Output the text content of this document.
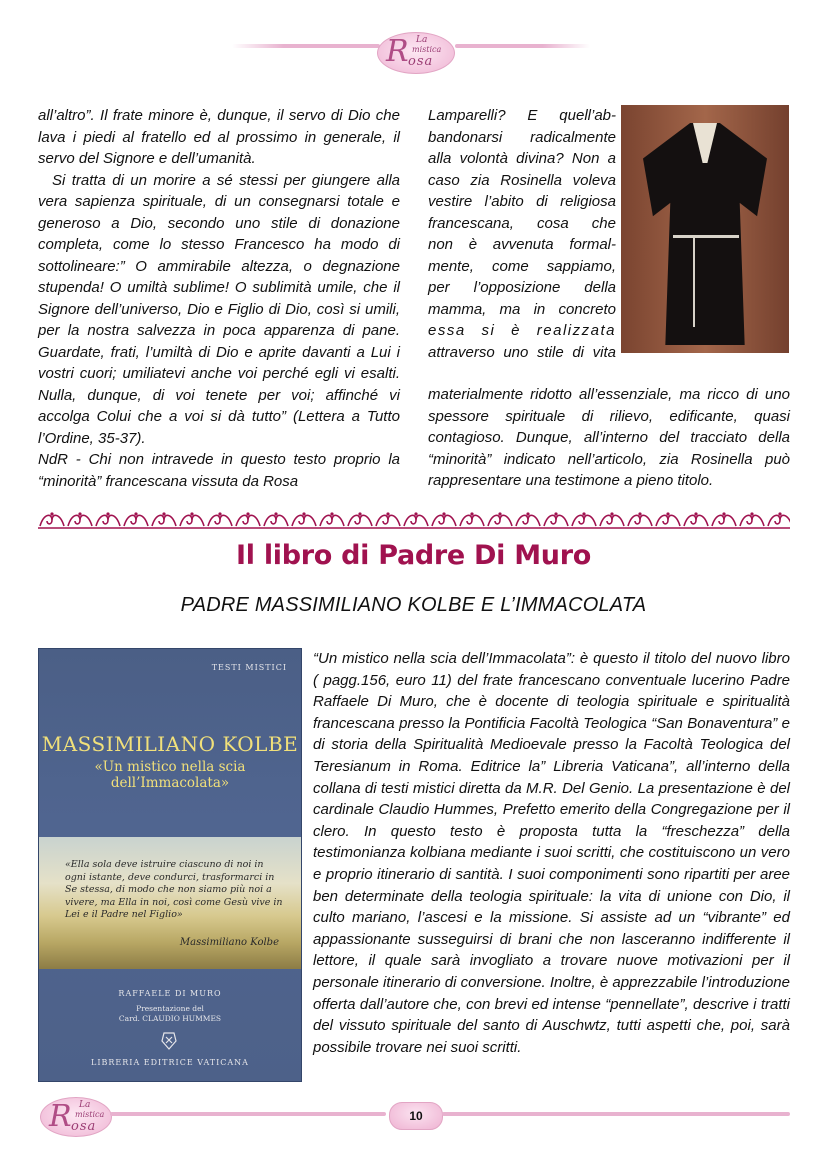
R La
mistica
osa

all’altro”. Il frate minore è, dunque, il servo di Dio che lava i piedi al fratello ed al prossimo in generale, il servo del Signore e dell’umanità.

Si tratta di un morire a sé stessi per giungere alla vera sapienza spirituale, di un consegnarsi totale e generoso a Dio, secondo uno stile di donazione completa, come lo stesso Francesco ha modo di sottolineare:” O ammirabile altezza, o degnazione stupenda! O umiltà sublime! O sublimità umile, che il Signore dell’universo, Dio e Figlio di Dio, così si umili, per la nostra salvezza in poca apparenza di pane. Guardate, frati, l’umiltà di Dio e aprite davanti a Lui i vostri cuori; umiliatevi anche voi perché egli vi esalti. Nulla, dunque, di voi tenete per voi; affinché vi accolga Colui che a voi si dà tutto” (Lettera a Tutto l’Ordine, 35-37).

NdR - Chi non intravede in questo testo proprio la “minorità” francescana vissuta da Rosa

Lamparelli? E quell’ab-
bandonarsi radicalmente
alla volontà divina? Non a
caso zia Rosinella voleva
vestire l’abito di religiosa
francescana, cosa che
non è avvenuta formal-
mente, come sappiamo,
per l’opposizione della
mamma, ma in concreto
essa si è realizzata
attraverso uno stile di vita

materialmente ridotto all’essenziale, ma ricco di uno spessore spirituale di rilievo, edificante, quasi contagioso. Dunque, all’interno del tracciato della “minorità” indicato nell’articolo, zia Rosinella può rappresentare una testimone a pieno titolo.

Il libro di Padre Di Muro
PADRE MASSIMILIANO KOLBE E L’IMMACOLATA
TESTI MISTICI
MASSIMILIANO KOLBE
«Un mistico nella scia dell’Immacolata»
«Ella sola deve istruire ciascuno di noi in ogni istante, deve condurci, trasformarci in Se stessa, di modo che non siamo più noi a vivere, ma Ella in noi, così come Gesù vive in Lei e il Padre nel Figlio»
Massimiliano Kolbe
RAFFAELE DI MURO
Presentazione del
Card. CLAUDIO HUMMES
LIBRERIA EDITRICE VATICANA

“Un mistico nella scia dell’Immacolata”: è questo il titolo del nuovo libro ( pagg.156, euro 11) del frate francescano conventuale lucerino Padre Raffaele Di Muro, che è docente di teologia spirituale e spiritualità francescana presso la Pontificia Facoltà Teologica “San Bonaventura” e di storia della Spiritualità Medioevale presso la Facoltà Teologica del Teresianum in Roma. Editrice la” Libreria Vaticana”, all’interno della collana di testi mistici diretta da M.R. Del Genio. La presentazione è del cardinale Claudio Hummes, Prefetto emerito della Congregazione per il clero. In questo testo è proposta tutta la “freschezza” della testimonianza kolbiana mediante i suoi scritti, che costituiscono un vero e proprio itinerario di santità. I suoi componimenti sono ripartiti per aree ben determinate della teologia spirituale: la vita di unione con Dio, il culto mariano, l’ascesi e la missione. Si assiste ad un “vibrante” ed appassionante susseguirsi di brani che non lasceranno indifferente il lettore, il quale sarà invogliato a trovare nuove motivazioni per il personale itinerario di conversione. Inoltre, è apprezzabile l’introduzione offerta dall’autore che, con brevi ed intense “pennellate”, descrive i tratti del vissuto spirituale del santo di Auschwtz, tutti aspetti che, poi, sarà possibile trovare nei suoi scritti.

R La
mistica
osa
10
